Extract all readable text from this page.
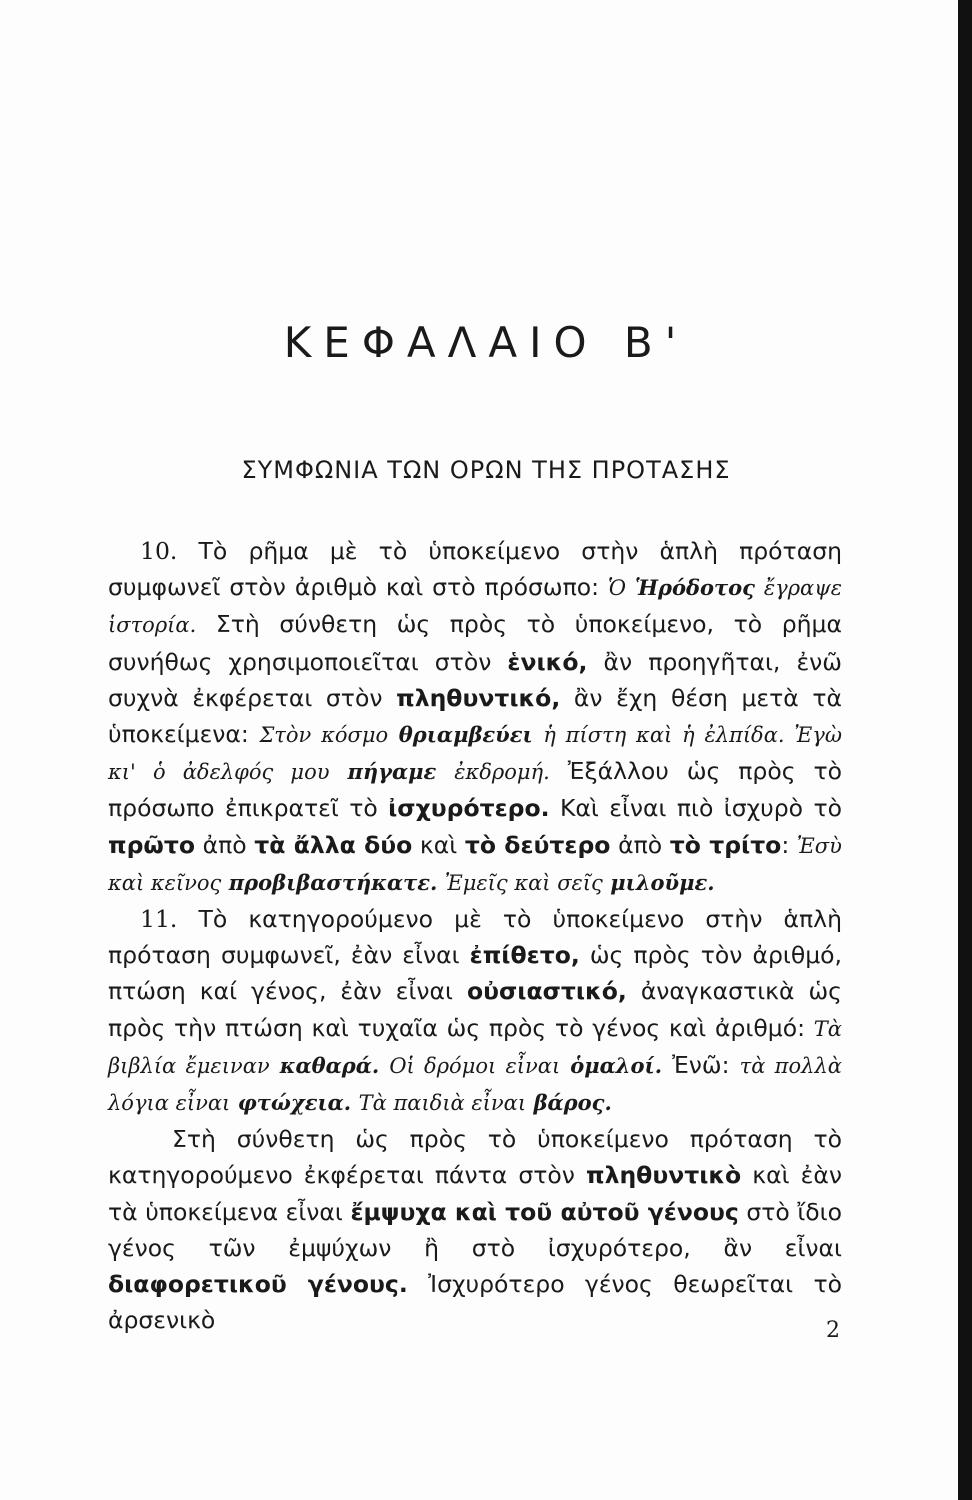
ΚΕΦΑΛΑΙΟ Β'
ΣΥΜΦΩΝΙΑ ΤΩΝ ΟΡΩΝ ΤΗΣ ΠΡΟΤΑΣΗΣ

10. Τὸ ρῆμα μὲ τὸ ὑποκείμενο στὴν ἁπλὴ πρόταση συμφωνεῖ στὸν ἀριθμὸ καὶ στὸ πρόσωπο: Ὁ Ἡρόδοτος ἔγραψε ἱστορία. Στὴ σύνθετη ὡς πρὸς τὸ ὑποκείμενο, τὸ ρῆμα συνήθως χρησιμοποιεῖται στὸν ἑνικό, ἂν προηγῆται, ἐνῶ συχνὰ ἐκφέρεται στὸν πληθυντικό, ἂν ἔχη θέση μετὰ τὰ ὑποκείμενα: Στὸν κόσμο θριαμβεύει ἡ πίστη καὶ ἡ ἐλπίδα. Ἐγὼ κι' ὁ ἀδελφός μου πήγαμε ἐκδρομή. Ἐξάλλου ὡς πρὸς τὸ πρόσωπο ἐπικρατεῖ τὸ ἰσχυρότερο. Καὶ εἶναι πιὸ ἰσχυρὸ τὸ πρῶτο ἀπὸ τὰ ἄλλα δύο καὶ τὸ δεύτερο ἀπὸ τὸ τρίτο: Ἐσὺ καὶ κεῖνος προβιβαστήκατε. Ἐμεῖς καὶ σεῖς μιλοῦμε.

11. Τὸ κατηγορούμενο μὲ τὸ ὑποκείμενο στὴν ἁπλὴ πρόταση συμφωνεῖ, ἐὰν εἶναι ἐπίθετο, ὡς πρὸς τὸν ἀριθμό, πτώση καί γένος, ἐὰν εἶναι οὐσιαστικό, ἀναγκαστικὰ ὡς πρὸς τὴν πτώση καὶ τυχαῖα ὡς πρὸς τὸ γένος καὶ ἀριθμό: Τὰ βιβλία ἔμειναν καθαρά. Οἱ δρόμοι εἶναι ὁμαλοί. Ἐνῶ: τὰ πολλὰ λόγια εἶναι φτώχεια. Τὰ παιδιὰ εἶναι βάρος.

Στὴ σύνθετη ὡς πρὸς τὸ ὑποκείμενο πρόταση τὸ κατηγορούμενο ἐκφέρεται πάντα στὸν πληθυντικὸ καὶ ἐὰν τὰ ὑποκείμενα εἶναι ἔμψυχα καὶ τοῦ αὐτοῦ γένους στὸ ἴδιο γένος τῶν ἐμψύχων ἢ στὸ ἰσχυρότερο, ἂν εἶναι διαφορετικοῦ γένους. Ἰσχυρότερο γένος θεωρεῖται τὸ ἀρσενικὸ	2
